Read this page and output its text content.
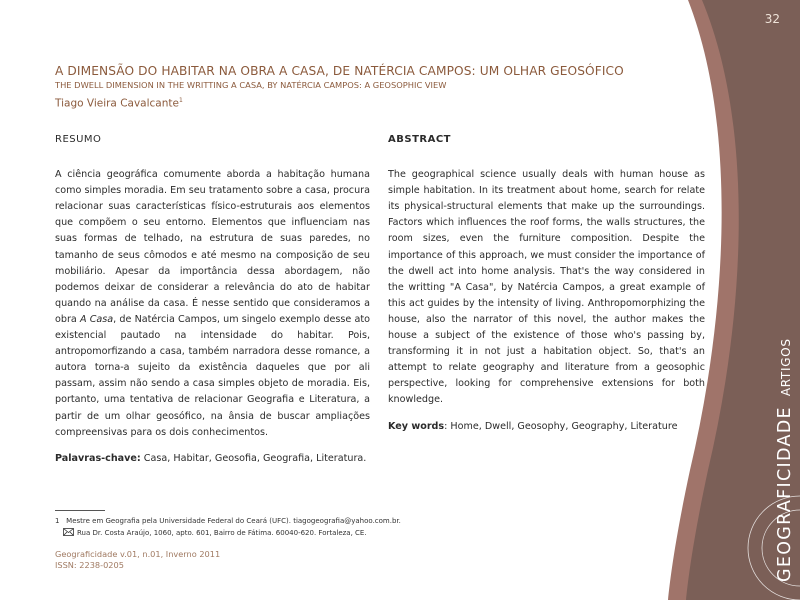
32
A DIMENSÃO DO HABITAR NA OBRA A CASA, DE NATÉRCIA CAMPOS: UM OLHAR GEOSÓFICO
THE DWELL DIMENSION IN THE WRITTING A CASA, BY NATÉRCIA CAMPOS: A GEOSOPHIC VIEW
Tiago Vieira Cavalcante$^1$
RESUMO

A ciência geográfica comumente aborda a habitação humana como simples moradia. Em seu tratamento sobre a casa, procura relacionar suas características físico-estruturais aos elementos que compõem o seu entorno. Elementos que influenciam nas suas formas de telhado, na estrutura de suas paredes, no tamanho de seus cômodos e até mesmo na composição de seu mobiliário. Apesar da importância dessa abordagem, não podemos deixar de considerar a relevância do ato de habitar quando na análise da casa. É nesse sentido que consideramos a obra A Casa, de Natércia Campos, um singelo exemplo desse ato existencial pautado na intensidade do habitar. Pois, antropomorfizando a casa, também narradora desse romance, a autora torna-a sujeito da existência daqueles que por ali passam, assim não sendo a casa simples objeto de moradia. Eis, portanto, uma tentativa de relacionar Geografia e Literatura, a partir de um olhar geosófico, na ânsia de buscar ampliações compreensivas para os dois conhecimentos.

Palavras-chave: Casa, Habitar, Geosofia, Geografia, Literatura.
ABSTRACT

The geographical science usually deals with human house as simple habitation. In its treatment about home, search for relate its physical-structural elements that make up the surroundings. Factors which influences the roof forms, the walls structures, the room sizes, even the furniture composition. Despite the importance of this approach, we must consider the importance of the dwell act into home analysis. That's the way considered in the writting "A Casa", by Natércia Campos, a great example of this act guides by the intensity of living. Anthropomorphizing the house, also the narrator of this novel, the author makes the house a subject of the existence of those who's passing by, transforming it in not just a habitation object. So, that's an attempt to relate geography and literature from a geosophic perspective, looking for comprehensive extensions for both knowledge.

Key words: Home, Dwell, Geosophy, Geography, Literature
1 Mestre em Geografia pela Universidade Federal do Ceará (UFC). tiagogeografia@yahoo.com.br.
Rua Dr. Costa Araújo, 1060, apto. 601, Bairro de Fátima. 60040-620. Fortaleza, CE.
Geograficidade v.01, n.01, Inverno 2011
ISSN: 2238-0205	GEOGRAFICIDADEARTIGOS
